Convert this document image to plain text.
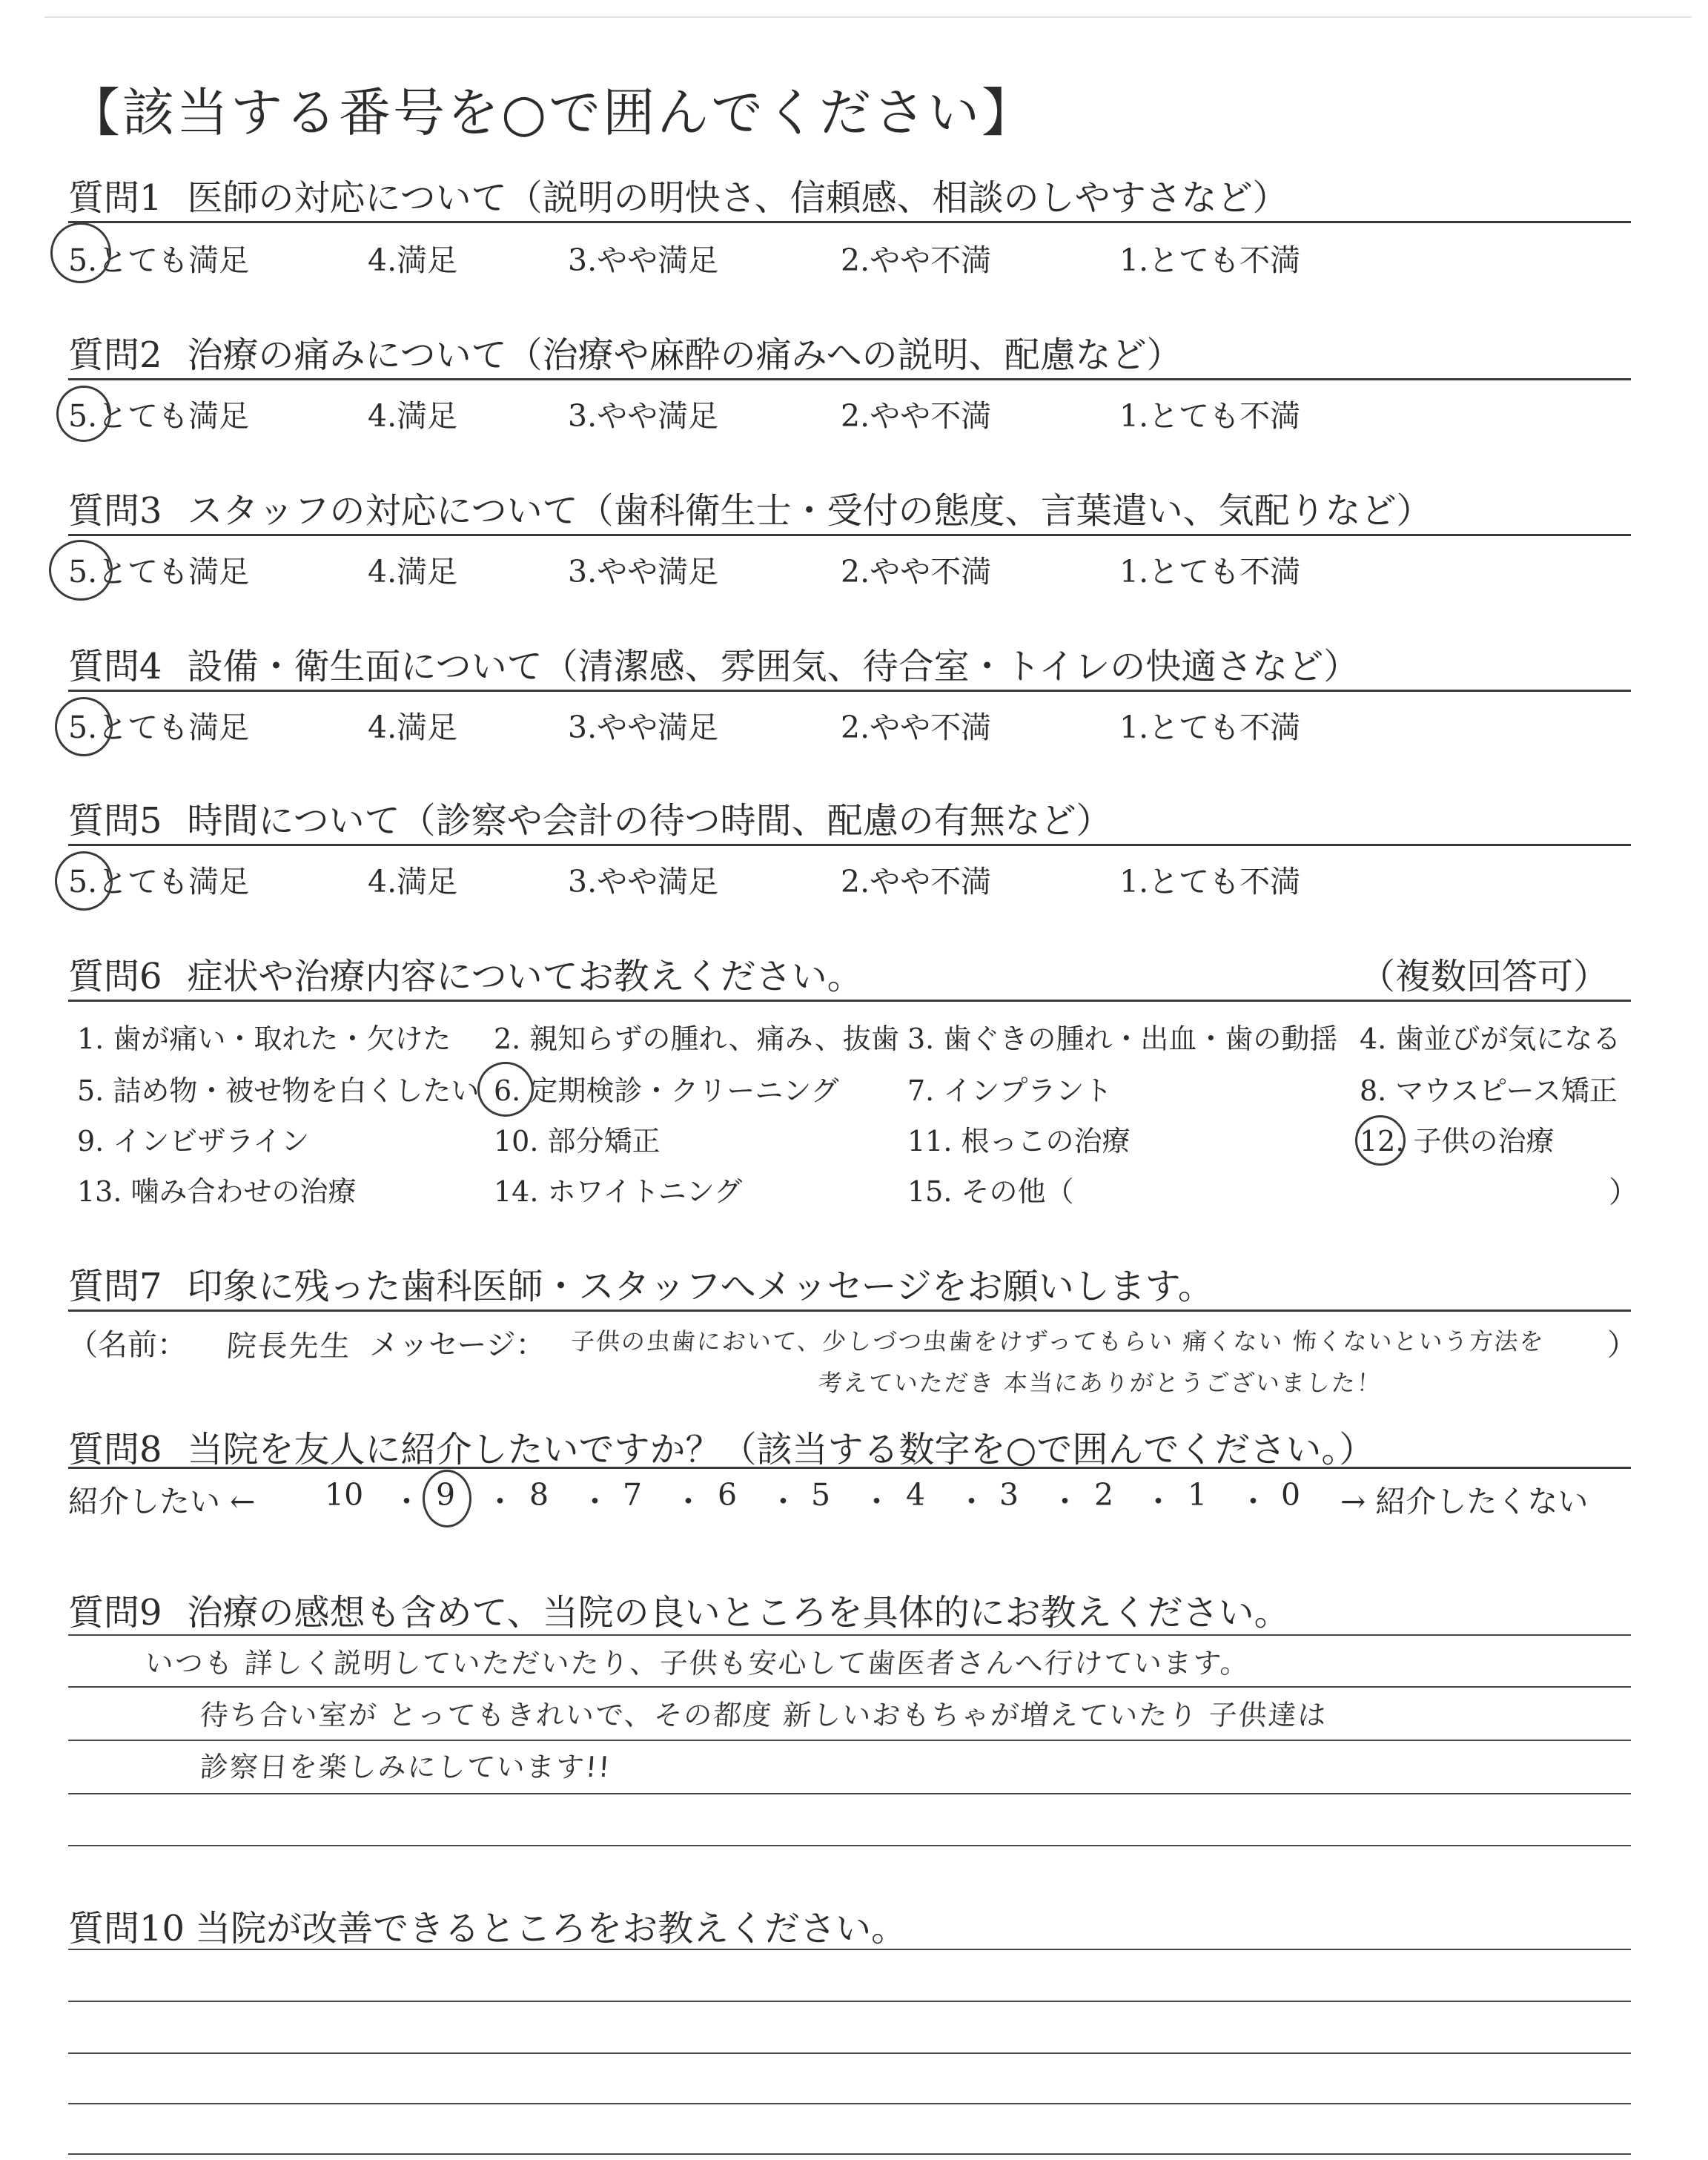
【該当する番号を○で囲んでください】
質問1 医師の対応について（説明の明快さ、信頼感、相談のしやすさなど）
5.とても満足	4.満足	3.やや満足	2.やや不満	1.とても不満
質問2 治療の痛みについて（治療や麻酔の痛みへの説明、配慮など）
5.とても満足	4.満足	3.やや満足	2.やや不満	1.とても不満
質問3 スタッフの対応について（歯科衛生士・受付の態度、言葉遣い、気配りなど）
5.とても満足	4.満足	3.やや満足	2.やや不満	1.とても不満
質問4 設備・衛生面について（清潔感、雰囲気、待合室・トイレの快適さなど）
5.とても満足	4.満足	3.やや満足	2.やや不満	1.とても不満
質問5 時間について（診察や会計の待つ時間、配慮の有無など）
5.とても満足	4.満足	3.やや満足	2.やや不満	1.とても不満
質問6 症状や治療内容についてお教えください。	（複数回答可）
1. 歯が痛い・取れた・欠けた 2. 親知らずの腫れ、痛み、抜歯 3. 歯ぐきの腫れ・出血・歯の動揺 4. 歯並びが気になる
5. 詰め物・被せ物を白くしたい 6. 定期検診・クリーニング 7. インプラント	8. マウスピース矯正
9. インビザライン	10. 部分矯正	11. 根っこの治療	12. 子供の治療
13. 噛み合わせの治療	14. ホワイトニング	15. その他（	）
質問7 印象に残った歯科医師・スタッフへメッセージをお願いします。
（名前： 院長先生 メッセージ： 子供の虫歯において、少しづつ虫歯をけずってもらい 痛くない 怖くないという方法を ）
考えていただき 本当にありがとうございました！
質問8 当院を友人に紹介したいですか？（該当する数字を○で囲んでください。）
紹介したい ← 10 ・ 9 ・ 8 ・ 7 ・ 6 ・ 5 ・ 4 ・ 3 ・ 2 ・ 1 ・ 0 → 紹介したくない
質問9 治療の感想も含めて、当院の良いところを具体的にお教えください。
いつも 詳しく説明していただいたり、子供も安心して歯医者さんへ行けています。
待ち合い室が とってもきれいで、その都度 新しいおもちゃが増えていたり 子供達は
診察日を楽しみにしています!!
質問10 当院が改善できるところをお教えください。
